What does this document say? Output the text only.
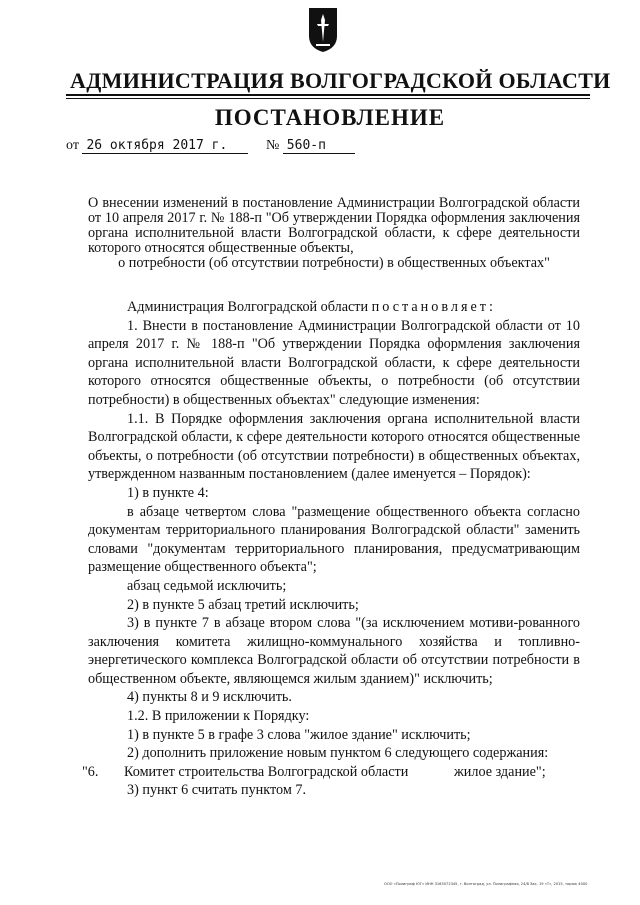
АДМИНИСТРАЦИЯ ВОЛГОГРАДСКОЙ ОБЛАСТИ
ПОСТАНОВЛЕНИЕ
от 26 октября 2017 г.	№ 560-п
О внесении изменений в постановление Администрации Волгоградской области от 10 апреля 2017 г. № 188-п "Об утверждении Порядка оформления заключения органа исполнительной власти Волгоградской области, к сфере деятельности которого относятся общественные объекты,
о потребности (об отсутствии потребности) в общественных объектах"

Администрация Волгоградской области постановляет:

1. Внести в постановление Администрации Волгоградской области от 10 апреля 2017 г. № 188-п "Об утверждении Порядка оформления заключения органа исполнительной власти Волгоградской области, к сфере деятельности которого относятся общественные объекты, о потребности (об отсутствии потребности) в общественных объектах" следующие изменения:

1.1. В Порядке оформления заключения органа исполнительной власти Волгоградской области, к сфере деятельности которого относятся общественные объекты, о потребности (об отсутствии потребности) в общественных объектах, утвержденном названным постановлением (далее именуется – Порядок):

1) в пункте 4:

в абзаце четвертом слова "размещение общественного объекта согласно документам территориального планирования Волгоградской области" заменить словами "документам территориального планирования, предусматривающим размещение общественного объекта";

абзац седьмой исключить;

2) в пункте 5 абзац третий исключить;

3) в пункте 7 в абзаце втором слова "(за исключением мотиви-рованного заключения комитета жилищно-коммунального хозяйства и топливно-энергетического комплекса Волгоградской области об отсутствии потребности в общественном объекте, являющемся жилым зданием)" исключить;

4) пункты 8 и 9 исключить.

1.2. В приложении к Порядку:

1) в пункте 5 в графе 3 слова "жилое здание" исключить;

2) дополнить приложение новым пунктом 6 следующего содержания:

"6.	Комитет строительства Волгоградской области	жилое здание";

3) пункт 6 считать пунктом 7.

ООО «Полиграф ЮГ» ИНН 3165072345, г. Волгоград, ул. Полиграфная, 24/8 Зак. 19 «Т», 2015, тираж 4000
